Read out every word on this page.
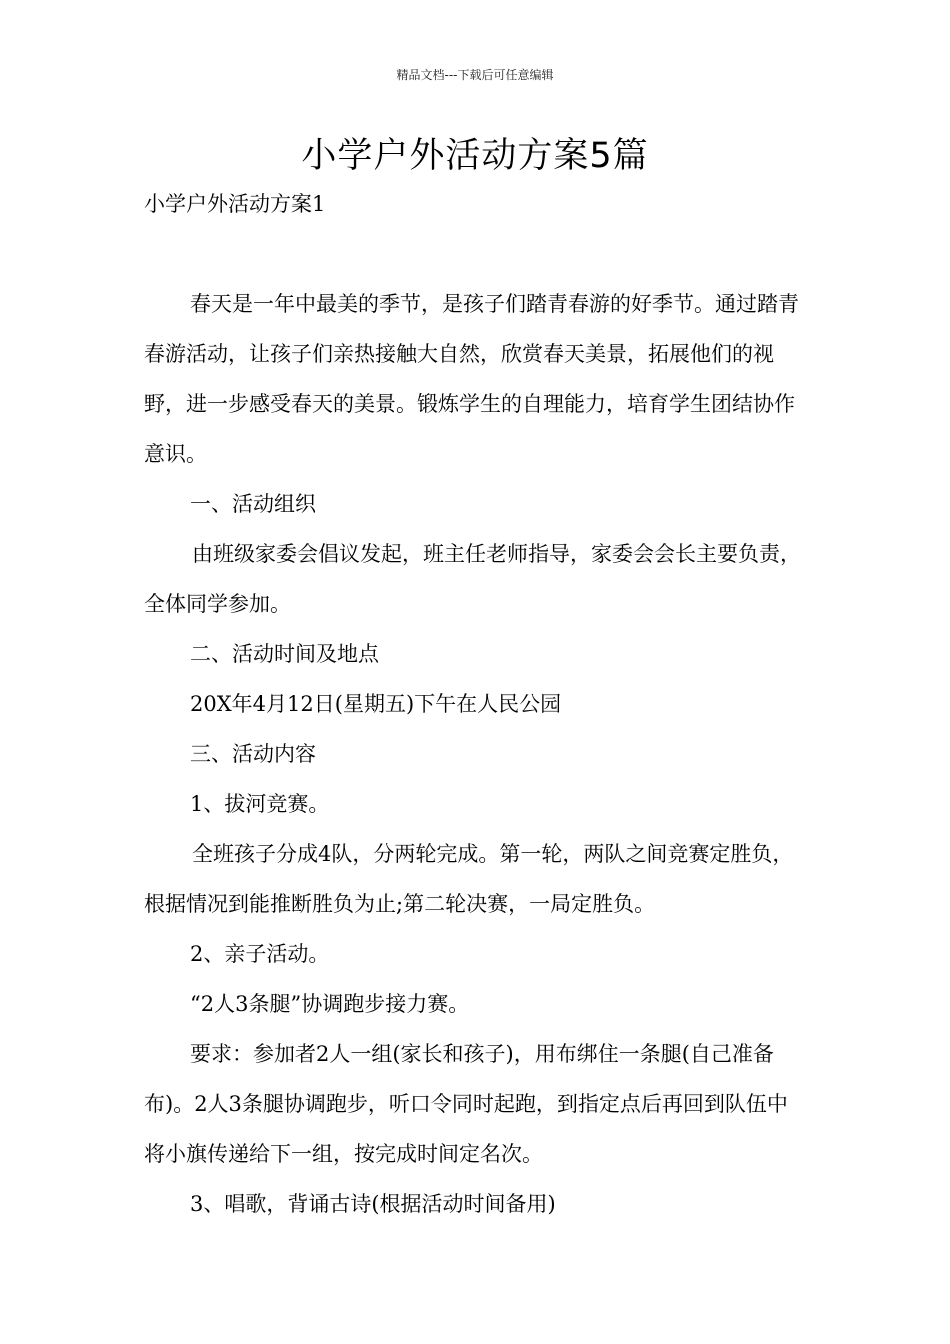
精品文档---下载后可任意编辑
小学户外活动方案5篇
小学户外活动方案1

春天是一年中最美的季节，是孩子们踏青春游的好季节。通过踏青春游活动，让孩子们亲热接触大自然，欣赏春天美景，拓展他们的视野，进一步感受春天的美景。锻炼学生的自理能力，培育学生团结协作意识。

一、活动组织

由班级家委会倡议发起，班主任老师指导，家委会会长主要负责，全体同学参加。

二、活动时间及地点

20X年4月12日(星期五)下午在人民公园

三、活动内容

1、拔河竞赛。

全班孩子分成4队，分两轮完成。第一轮，两队之间竞赛定胜负，根据情况到能推断胜负为止;第二轮决赛，一局定胜负。

2、亲子活动。

“2人3条腿”协调跑步接力赛。

要求：参加者2人一组(家长和孩子)，用布绑住一条腿(自己准备布)。2人3条腿协调跑步，听口令同时起跑，到指定点后再回到队伍中将小旗传递给下一组，按完成时间定名次。

3、唱歌，背诵古诗(根据活动时间备用)
